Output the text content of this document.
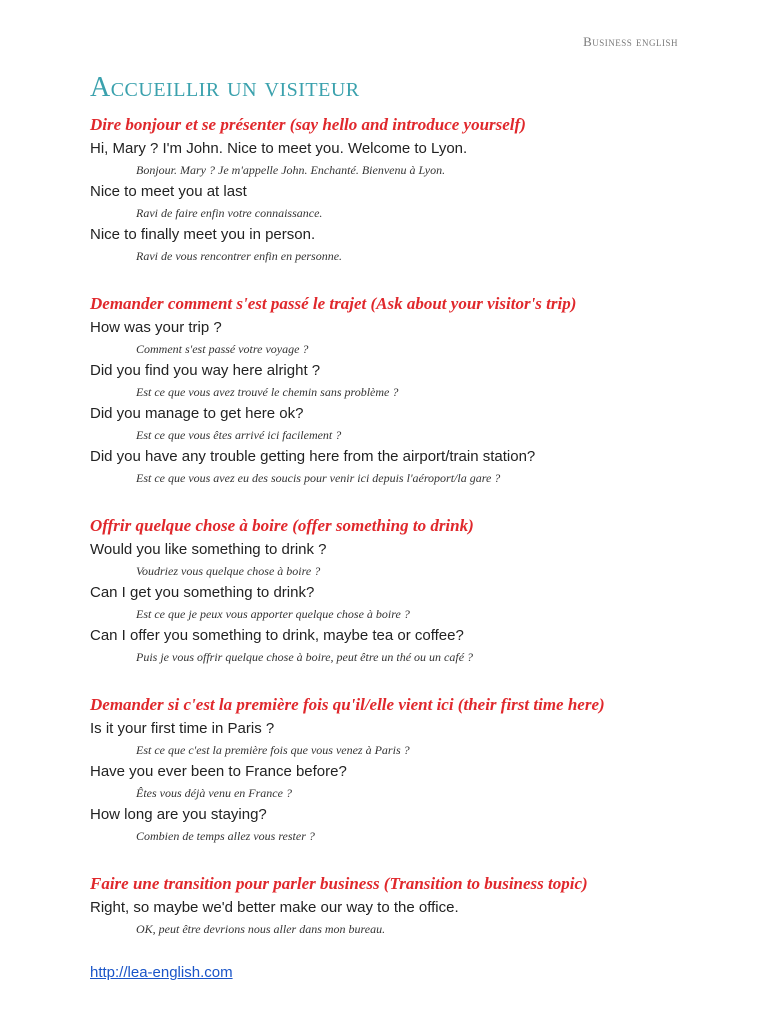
Business english
Accueillir un visiteur
Dire bonjour et se présenter (say hello and introduce yourself)

Hi, Mary ? I'm John. Nice to meet you. Welcome to Lyon.

Bonjour. Mary ? Je m'appelle John. Enchanté. Bienvenu à Lyon.

Nice to meet you at last

Ravi de faire enfin votre connaissance.

Nice to finally meet you in person.

Ravi de vous rencontrer enfin en personne.

Demander comment s'est passé le trajet (Ask about your visitor's trip)

How was your trip ?

Comment s'est passé votre voyage ?

Did you find you way here alright ?

Est ce que vous avez trouvé le chemin sans problème ?

Did you manage to get here ok?

Est ce que vous êtes arrivé ici facilement ?

Did you have any trouble getting here from the airport/train station?

Est ce que vous avez eu des soucis pour venir ici depuis l'aéroport/la gare ?

Offrir quelque chose à boire (offer something to drink)

Would you like something to drink ?

Voudriez vous quelque chose à boire ?

Can I get you something to drink?

Est ce que je peux vous apporter quelque chose à boire ?

Can I offer you something to drink, maybe tea or coffee?

Puis je vous offrir quelque chose à boire, peut être un thé ou un café ?

Demander si c'est la première fois qu'il/elle vient ici (their first time here)

Is it your first time in Paris ?

Est ce que c'est la première fois que vous venez à Paris ?

Have you ever been to France before?

Êtes vous déjà venu en France ?

How long are you staying?

Combien de temps allez vous rester ?

Faire une transition pour parler business (Transition to business topic)

Right, so maybe we'd better make our way to the office.

OK, peut être devrions nous aller dans mon bureau.

http://lea-english.com
